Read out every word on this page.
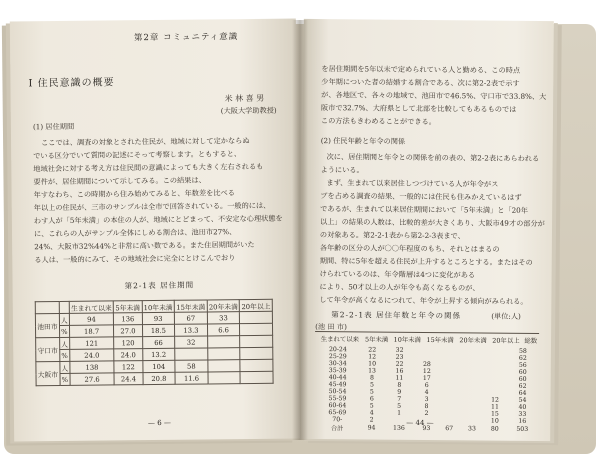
第2章 コミュニティ意識
I 住民意識の概要
米 林 喜 男
(大阪大学助教授)
(1) 居住期間
ここでは、調査の対象とされた住民が、地域に対して定かならぬ
でいる区分でいて質問の記述にそって考察します。ともすると、
地域社会に対する考え方は住民間の意識によっても大きく左右されるも
要件が、居住期間について示してみる。この結果は、
年すなわち、この時期から住み始めてみると、年数差を比べる
年以上の住民が、三市のサンプルは全市で回答されている。一般的には、
わす人が「5年未満」の本住の人が、地域にとどまって、不安定な心理状態を
に、これらの人がサンプル全体にしめる割合は、池田市27%、
24%、大阪市32%44%と非常に高い数である。また住居期間がいた
る人は、一般的にみて、その地域社会に完全にとけこんでおり
第2-1表 居住期間
		生まれて以来	5年未満	10年未満	15年未満	20年未満	20年以上
池田市	人	94	136	93	67	33	
	%	18.7	27.0	18.5	13.3	6.6	
守口市	人	121	120	66	32		
	%	24.0	24.0	13.2			
大阪市	人	138	122	104	58		
	%	27.6	24.4	20.8	11.6		
— 6 —
を居住期間を5年以未で定められている人と勤める、この時点
少年期についた者の結婚する割合である、次に第2-2表で示す
が、各地区で、各々の地域で、池田市で46.5%、守口市で33.8%、大
阪市で32.7%、大府県として北部を比較してもあるものでは
この方法もきわめることができる。
(2) 住民年齢と年令の関係
次に、居住期間と年令との関係を前の表の、第2-2表にあらわれる
ようにいる。
まず、生まれて以来居住しつづけている人が年令がス
ブを占める調査の結果、一般的には住民も住みかえているはず
であるが、生まれて以来居住期間において「5年未満」と「20年
以上」の結果の人数は、比較的差が大きくあり、大阪市49才の部分が
の対象ある。第2-2-1表から第2-2-3表まで、
各年齢の区分の人が〇〇年程度のもち、それとはまるの
期間、特に5年を超える住民が上升するところとする。またはその
けられているのは、年令階層は4つに変化がある
により、50才以上の人が年令も高くなるものが、
して年令が高くなるにつれて、年令が上昇する傾向がみられる。
第2-2-1表 居住年数と年令の関係	(単位:人)
(池 田 市)
	生まれて以来	5年未満	10年未満	15年未満	20年未満	20年以上	総数
20-24	22	32					58
25-29	12	23					62
30-34	10	22	28				56
35-39	13	16	12				60
40-44	8	11	17				60
45-49	5	8	6				62
50-54	5	9	4				64
55-59	6	7	3			12	54
60-64	5	5	8			11	40
65-69	4	1	2			15	33
70-	2					10	16
合計	94	136	93	67	33	80	503
— 44 —
